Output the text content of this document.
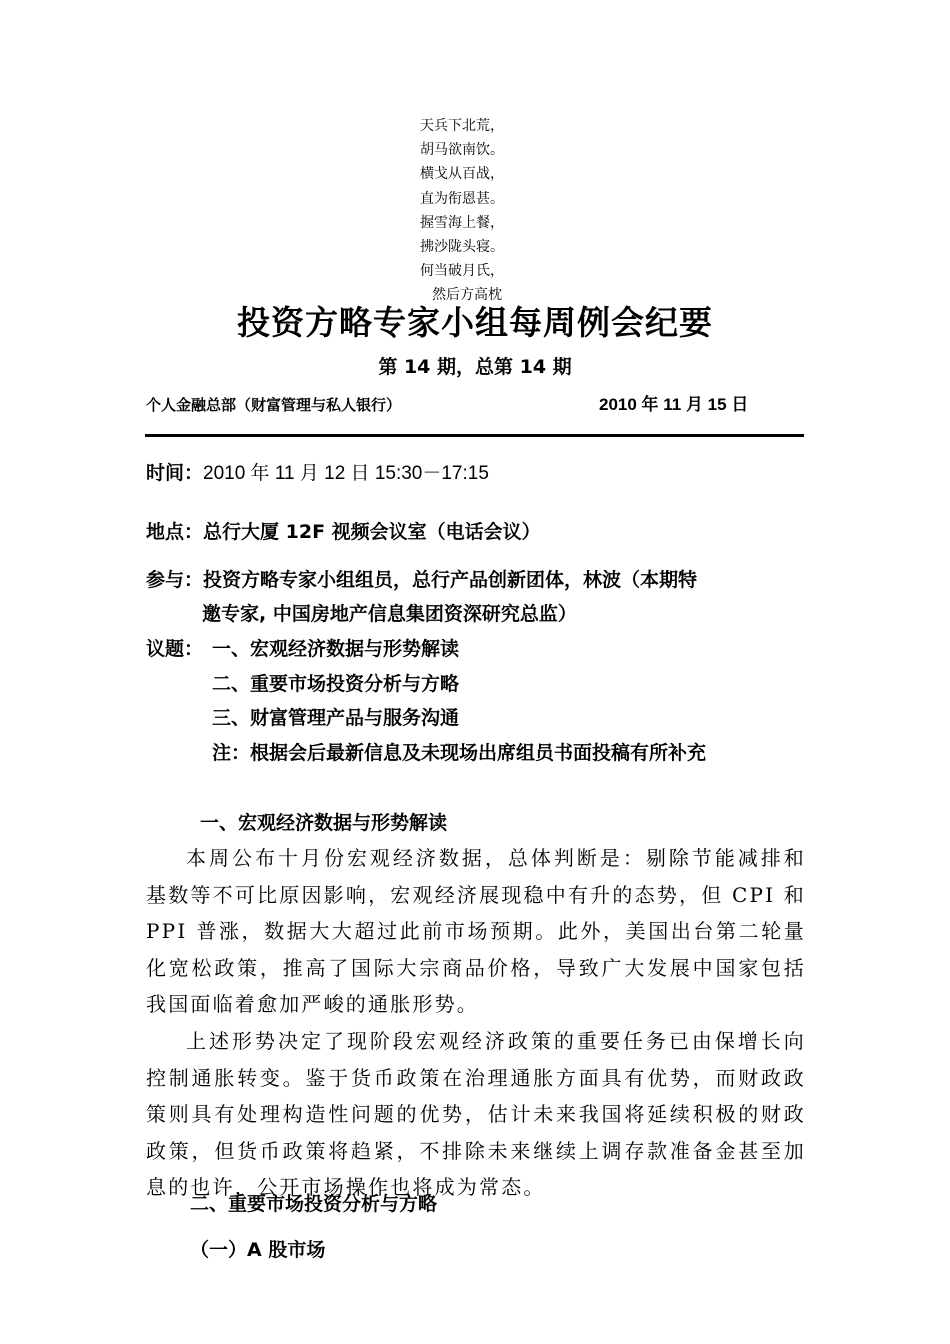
天兵下北荒，
胡马欲南饮。
横戈从百战，
直为衔恩甚。
握雪海上餐，
拂沙陇头寝。
何当破月氏，
然后方高枕
投资方略专家小组每周例会纪要
第 14 期，总第 14 期
个人金融总部（财富管理与私人银行）	2010 年 11 月 15 日
时间：2010 年 11 月 12 日 15:30－17:15
地点：总行大厦 12F 视频会议室（电话会议）
参与：投资方略专家小组组员，总行产品创新团体，林波（本期特
邀专家, 中国房地产信息集团资深研究总监）
议题： 一、宏观经济数据与形势解读
二、重要市场投资分析与方略
三、财富管理产品与服务沟通
注：根据会后最新信息及未现场出席组员书面投稿有所补充
一、宏观经济数据与形势解读
本周公布十月份宏观经济数据，总体判断是：剔除节能减排和基数等不可比原因影响，宏观经济展现稳中有升的态势，但 CPI 和 PPI 普涨，数据大大超过此前市场预期。此外，美国出台第二轮量化宽松政策，推高了国际大宗商品价格，导致广大发展中国家包括我国面临着愈加严峻的通胀形势。
上述形势决定了现阶段宏观经济政策的重要任务已由保增长向控制通胀转变。鉴于货币政策在治理通胀方面具有优势，而财政政策则具有处理构造性问题的优势，估计未来我国将延续积极的财政政策，但货币政策将趋紧，不排除未来继续上调存款准备金甚至加息的也许，公开市场操作也将成为常态。
二、重要市场投资分析与方略
（一）A 股市场
